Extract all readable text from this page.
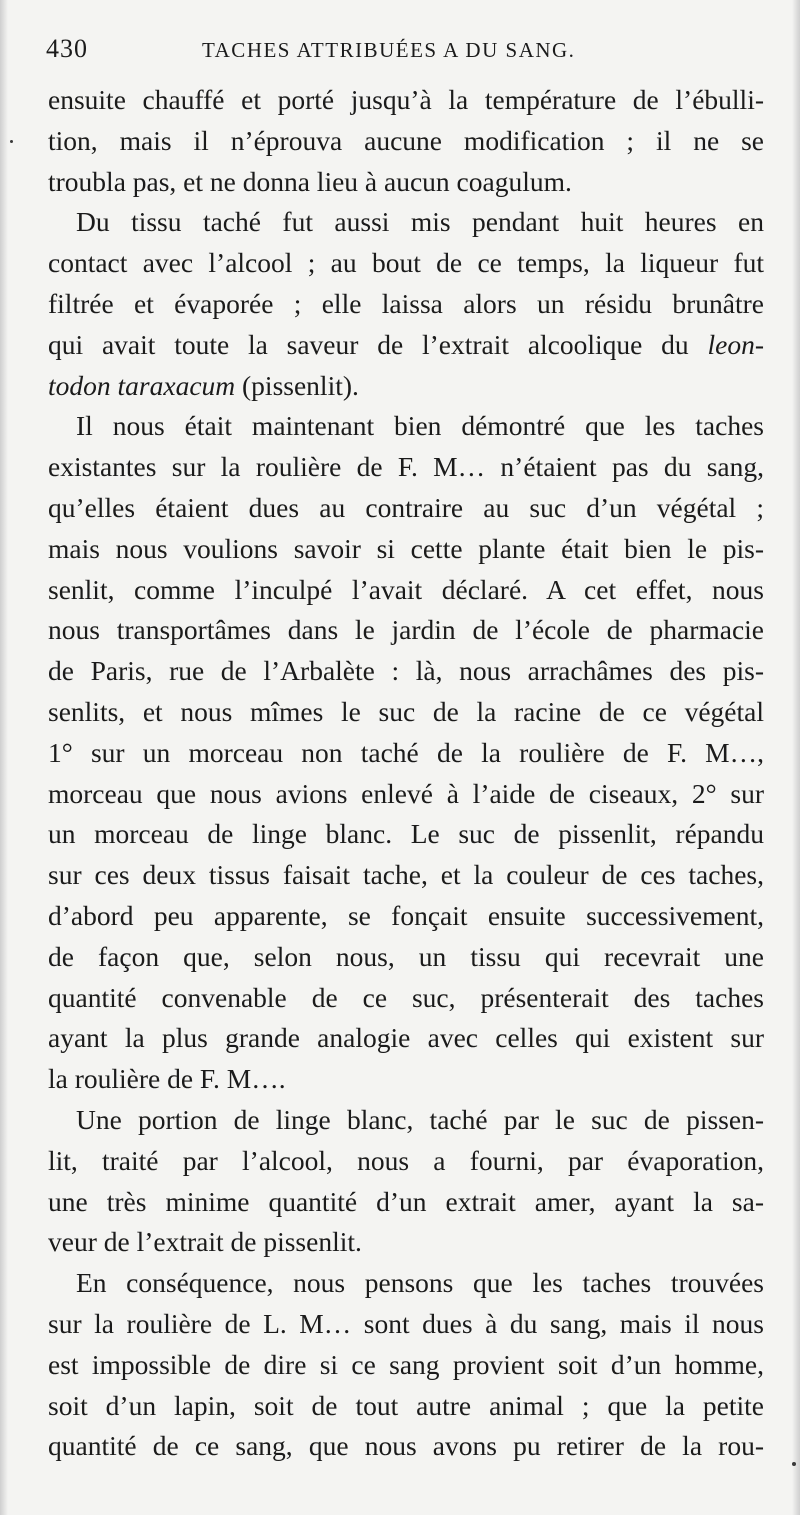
430	TACHES ATTRIBUÉES A DU SANG.
ensuite chauffé et porté jusqu’à la température de l’ébulli-
tion, mais il n’éprouva aucune modification ; il ne se
troubla pas, et ne donna lieu à aucun coagulum.
Du tissu taché fut aussi mis pendant huit heures en
contact avec l’alcool ; au bout de ce temps, la liqueur fut
filtrée et évaporée ; elle laissa alors un résidu brunâtre
qui avait toute la saveur de l’extrait alcoolique du leon-
todon taraxacum (pissenlit).
Il nous était maintenant bien démontré que les taches
existantes sur la roulière de F. M… n’étaient pas du sang,
qu’elles étaient dues au contraire au suc d’un végétal ;
mais nous voulions savoir si cette plante était bien le pis-
senlit, comme l’inculpé l’avait déclaré. A cet effet, nous
nous transportâmes dans le jardin de l’école de pharmacie
de Paris, rue de l’Arbalète : là, nous arrachâmes des pis-
senlits, et nous mîmes le suc de la racine de ce végétal
1° sur un morceau non taché de la roulière de F. M…,
morceau que nous avions enlevé à l’aide de ciseaux, 2° sur
un morceau de linge blanc. Le suc de pissenlit, répandu
sur ces deux tissus faisait tache, et la couleur de ces taches,
d’abord peu apparente, se fonçait ensuite successivement,
de façon que, selon nous, un tissu qui recevrait une
quantité convenable de ce suc, présenterait des taches
ayant la plus grande analogie avec celles qui existent sur
la roulière de F. M….
Une portion de linge blanc, taché par le suc de pissen-
lit, traité par l’alcool, nous a fourni, par évaporation,
une très minime quantité d’un extrait amer, ayant la sa-
veur de l’extrait de pissenlit.
En conséquence, nous pensons que les taches trouvées
sur la roulière de L. M… sont dues à du sang, mais il nous
est impossible de dire si ce sang provient soit d’un homme,
soit d’un lapin, soit de tout autre animal ; que la petite
quantité de ce sang, que nous avons pu retirer de la rou-
